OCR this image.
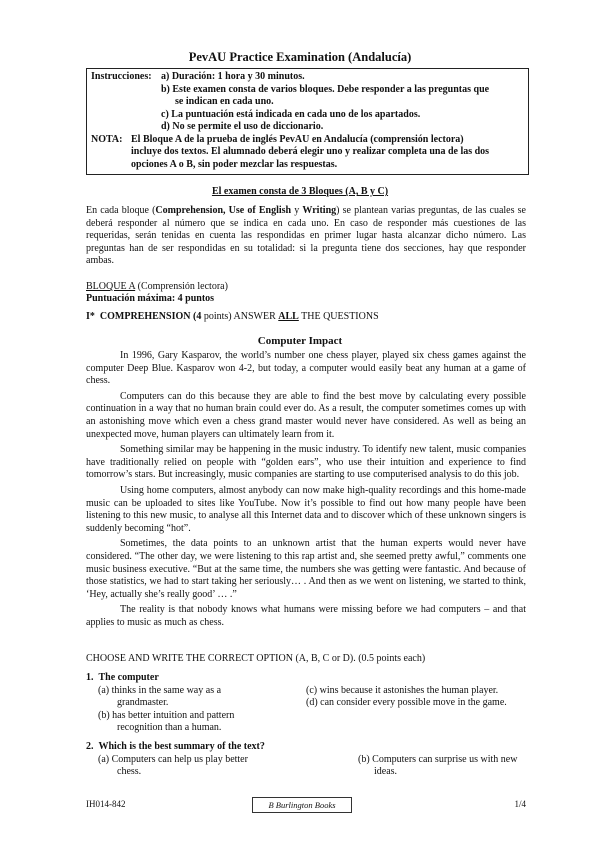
PevAU Practice Examination (Andalucía)
Instrucciones: a) Duración: 1 hora y 30 minutos.
b) Este examen consta de varios bloques. Debe responder a las preguntas que
se indican en cada uno.
c) La puntuación está indicada en cada uno de los apartados.
d) No se permite el uso de diccionario.
NOTA: El Bloque A de la prueba de inglés PevAU en Andalucía (comprensión lectora)
incluye dos textos. El alumnado deberá elegir uno y realizar completa una de las dos
opciones A o B, sin poder mezclar las respuestas.
El examen consta de 3 Bloques (A, B y C)
En cada bloque (Comprehension, Use of English y Writing) se plantean varias preguntas, de las cuales se deberá responder al número que se indica en cada uno. En caso de responder más cuestiones de las requeridas, serán tenidas en cuenta las respondidas en primer lugar hasta alcanzar dicho número. Las preguntas han de ser respondidas en su totalidad: si la pregunta tiene dos secciones, hay que responder ambas.
BLOQUE A (Comprensión lectora)
Puntuación máxima: 4 puntos
I* COMPREHENSION (4 points) ANSWER ALL THE QUESTIONS
Computer Impact

In 1996, Gary Kasparov, the world’s number one chess player, played six chess games against the computer Deep Blue. Kasparov won 4-2, but today, a computer would easily beat any human at a game of chess.

Computers can do this because they are able to find the best move by calculating every possible continuation in a way that no human brain could ever do. As a result, the computer sometimes comes up with an astonishing move which even a chess grand master would never have considered. As well as being an unexpected move, human players can ultimately learn from it.

Something similar may be happening in the music industry. To identify new talent, music companies have traditionally relied on people with “golden ears”, who use their intuition and experience to find tomorrow’s stars. But increasingly, music companies are starting to use computerised analysis to do this job.

Using home computers, almost anybody can now make high-quality recordings and this home-made music can be uploaded to sites like YouTube. Now it’s possible to find out how many people have been listening to this new music, to analyse all this Internet data and to discover which of these unknown singers is suddenly becoming “hot”.

Sometimes, the data points to an unknown artist that the human experts would never have considered. “The other day, we were listening to this rap artist and, she seemed pretty awful,” comments one music business executive. “But at the same time, the numbers she was getting were fantastic. And because of those statistics, we had to start taking her seriously… . And then as we went on listening, we started to think, ‘Hey, actually she’s really good’ … .”

The reality is that nobody knows what humans were missing before we had computers – and that applies to music as much as chess.

CHOOSE AND WRITE THE CORRECT OPTION (A, B, C or D). (0.5 points each)
1. The computer
(a) thinks in the same way as a
grandmaster.
(b) has better intuition and pattern
recognition than a human.
(c) wins because it astonishes the human player.
(d) can consider every possible move in the game.
2. Which is the best summary of the text?
(a) Computers can help us play better
chess.
(b) Computers can surprise us with new
ideas.
IH014-842	1/4
B Burlington Books
